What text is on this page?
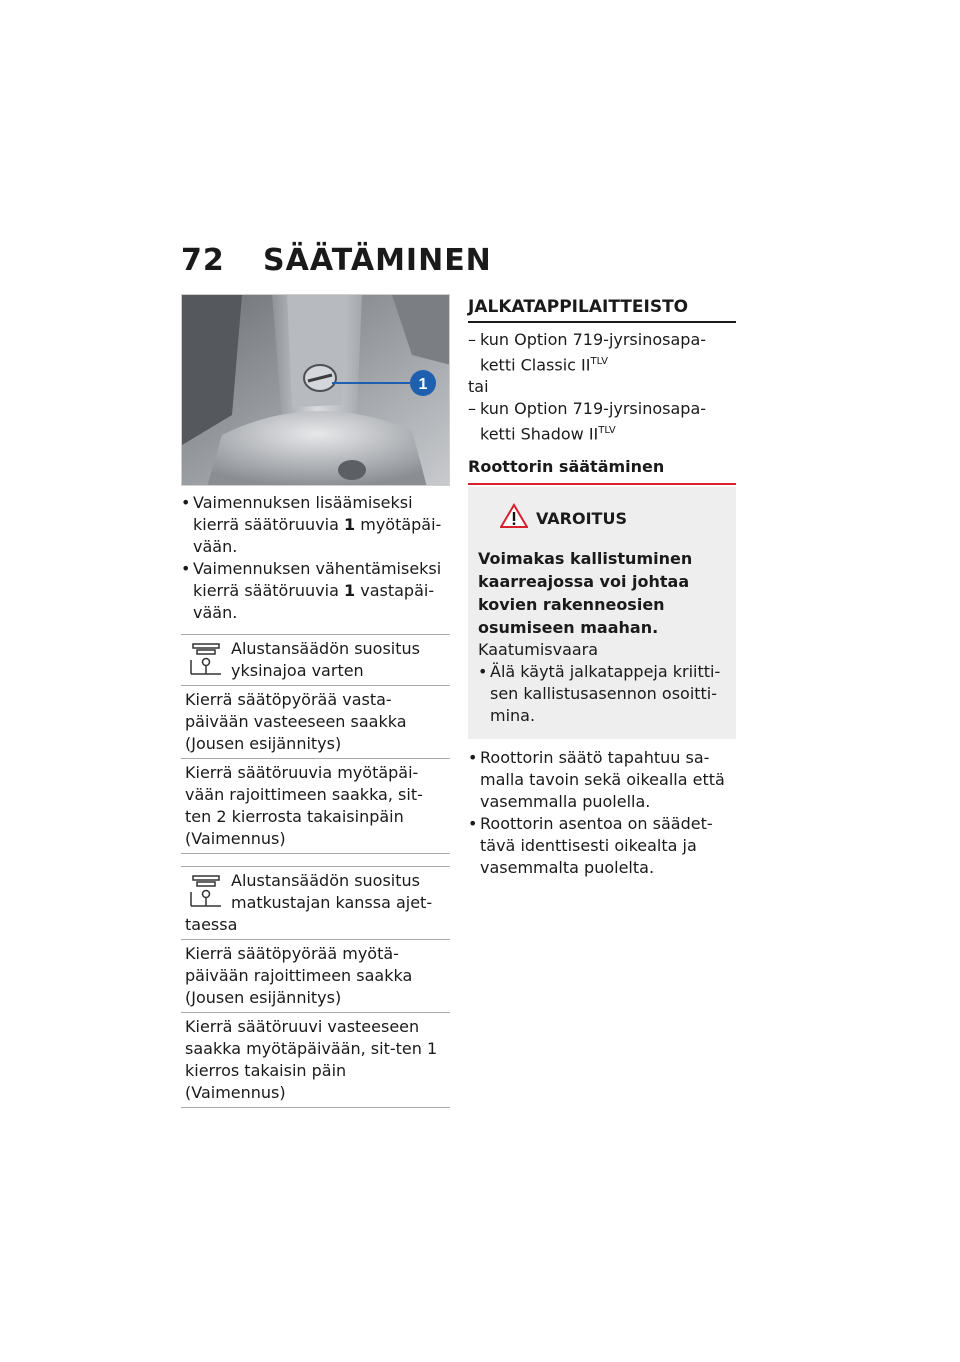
72 SÄÄTÄMINEN
1
• Vaimennuksen lisäämiseksi kierrä säätöruuvia 1 myötäpäi-vään.
• Vaimennuksen vähentämiseksi kierrä säätöruuvia 1 vastapäi-vään.
Alustansäädön suositus yksinajoa varten
Kierrä säätöpyörää vasta-päivään vasteeseen saakka (Jousen esijännitys)
Kierrä säätöruuvia myötäpäi-vään rajoittimeen saakka, sit-ten 2 kierrosta takaisinpäin (Vaimennus)
Alustansäädön suositus matkustajan kanssa ajet-taessa
Kierrä säätöpyörää myötä-päivään rajoittimeen saakka (Jousen esijännitys)
Kierrä säätöruuvi vasteeseen saakka myötäpäivään, sit-ten 1 kierros takaisin päin (Vaimennus)
JALKATAPPILAITTEISTO
– kun Option 719-jyrsinosapa-ketti Classic $II^{TLV}$
tai
– kun Option 719-jyrsinosapa-ketti Shadow $II^{TLV}$
Roottorin säätäminen
VAROITUS
Voimakas kallistuminen kaarreajossa voi johtaa kovien rakenneosien osumiseen maahan.
Kaatumisvaara
• Älä käytä jalkatappeja kriitti-sen kallistusasennon osoitti-mina.
• Roottorin säätö tapahtuu sa-malla tavoin sekä oikealla että vasemmalla puolella.
• Roottorin asentoa on säädet-tävä identtisesti oikealta ja vasemmalta puolelta.
